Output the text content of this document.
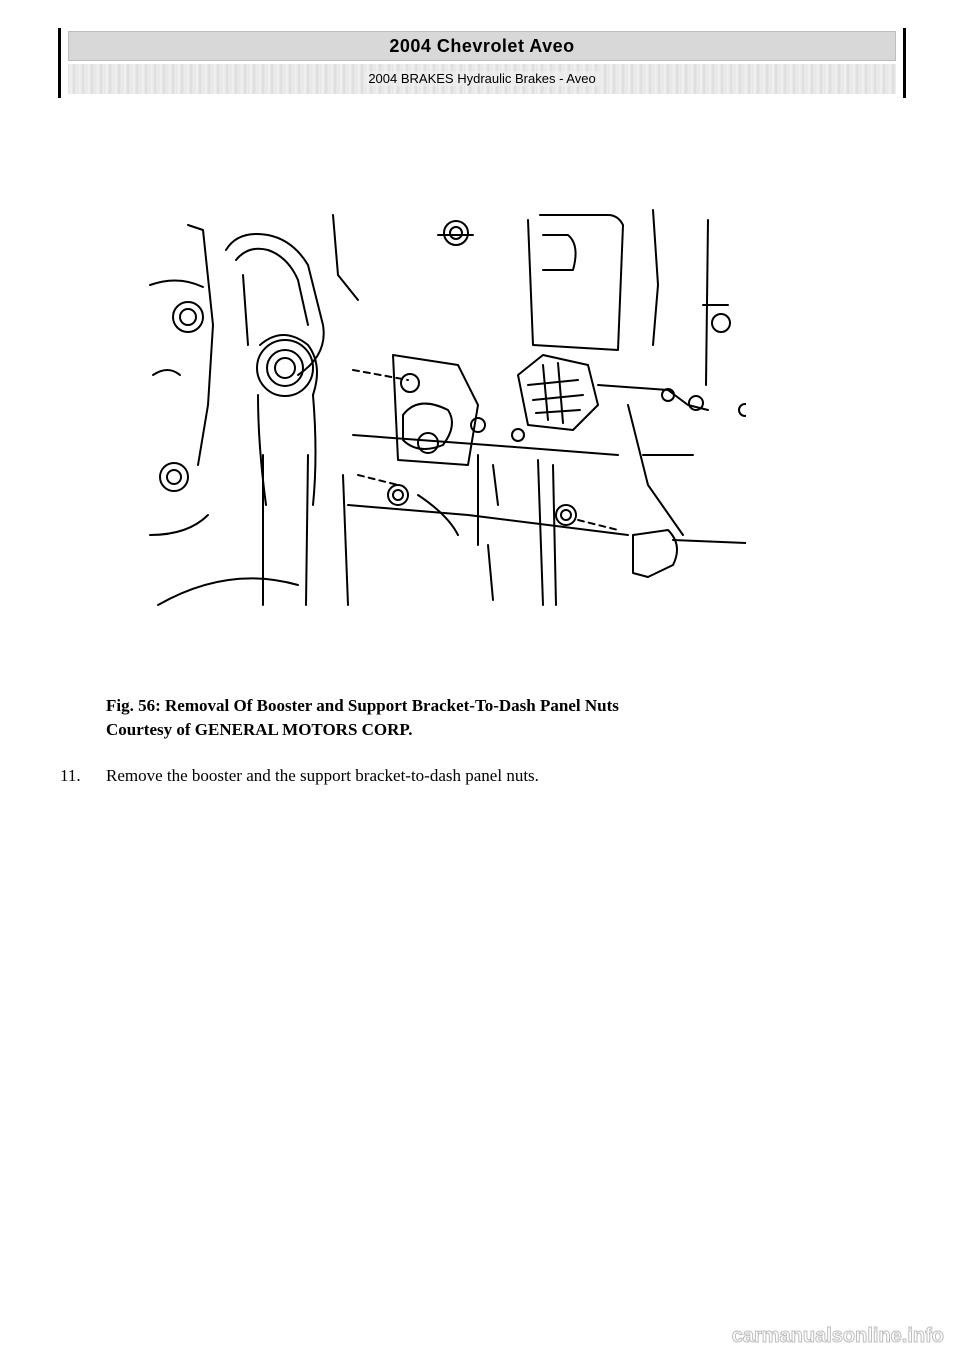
2004 Chevrolet Aveo
2004 BRAKES Hydraulic Brakes - Aveo
Fig. 56: Removal Of Booster and Support Bracket-To-Dash Panel Nuts
Courtesy of GENERAL MOTORS CORP.
11. Remove the booster and the support bracket-to-dash panel nuts.
carmanualsonline.info
